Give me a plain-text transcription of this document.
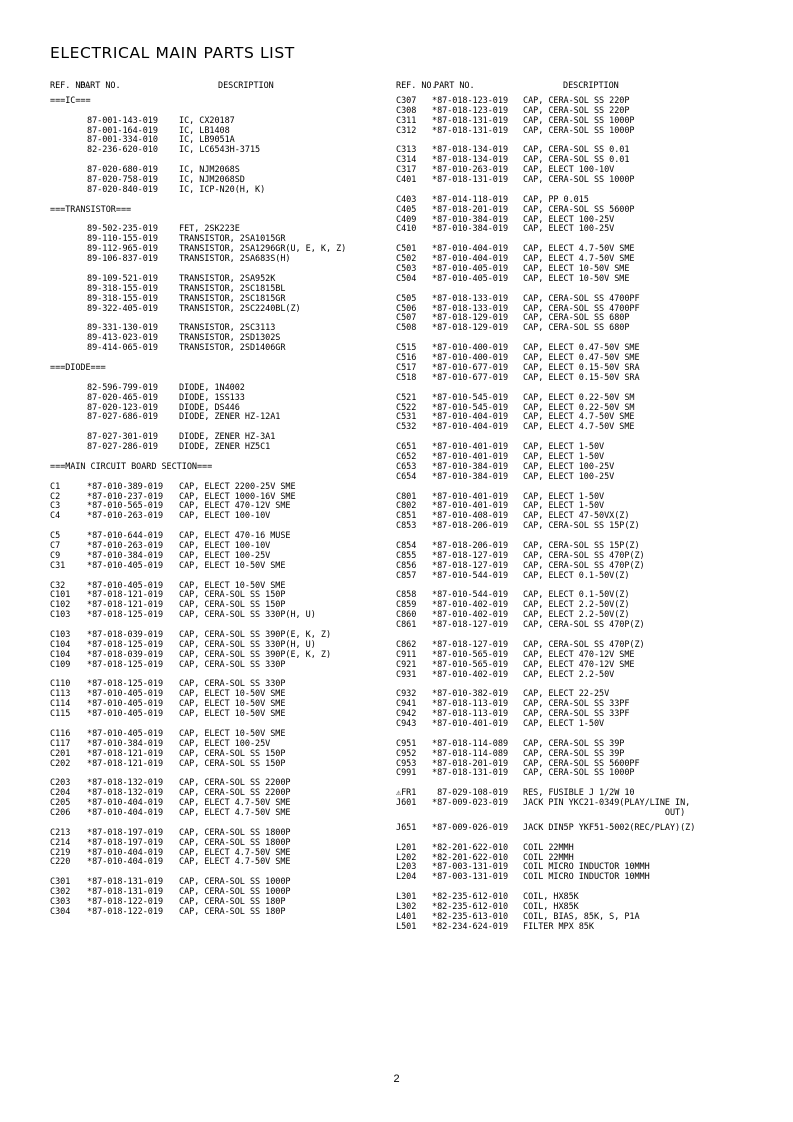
ELECTRICAL MAIN PARTS LIST
REF. NO.
PART NO.	DESCRIPTION
===IC===
87-001-143-019 IC, CX20187
87-001-164-019 IC, LB1408
87-001-334-010 IC, LB9051A
82-236-620-010 IC, LC6543H-3715
87-020-680-019 IC, NJM2068S
87-020-758-019 IC, NJM2068SD
87-020-840-019 IC, ICP-N20(H, K)
===TRANSISTOR===
89-502-235-019 FET, 2SK223E
89-110-155-019 TRANSISTOR, 2SA1015GR
89-112-965-019 TRANSISTOR, 2SA1296GR(U, E, K, Z)
89-106-837-019 TRANSISTOR, 2SA683S(H)
89-109-521-019 TRANSISTOR, 2SA952K
89-318-155-019 TRANSISTOR, 2SC1815BL
89-318-155-019 TRANSISTOR, 2SC1815GR
89-322-405-019 TRANSISTOR, 2SC2240BL(Z)
89-331-130-019 TRANSISTOR, 2SC3113
89-413-023-019 TRANSISTOR, 2SD1302S
89-414-065-019 TRANSISTOR, 2SD1406GR
===DIODE===
82-596-799-019 DIODE, 1N4002
87-020-465-019 DIODE, 1SS133
87-020-123-019 DIODE, DS446
87-027-686-019 DIODE, ZENER HZ-12A1
87-027-301-019 DIODE, ZENER HZ-3A1
87-027-286-019 DIODE, ZENER HZ5C1
===MAIN CIRCUIT BOARD SECTION===
C1	*87-010-389-019 CAP, ELECT 2200-25V SME
C2	*87-010-237-019 CAP, ELECT 1000-16V SME
C3	*87-010-565-019 CAP, ELECT 470-12V SME
C4	*87-010-263-019 CAP, ELECT 100-10V
C5	*87-010-644-019 CAP, ELECT 470-16 MUSE
C7	*87-010-263-019 CAP, ELECT 100-10V
C9	*87-010-384-019 CAP, ELECT 100-25V
C31	*87-010-405-019 CAP, ELECT 10-50V SME
C32	*87-010-405-019 CAP, ELECT 10-50V SME
C101 *87-018-121-019 CAP, CERA-SOL SS 150P
C102 *87-018-121-019 CAP, CERA-SOL SS 150P
C103 *87-018-125-019 CAP, CERA-SOL SS 330P(H, U)
C103 *87-018-039-019 CAP, CERA-SOL SS 390P(E, K, Z)
C104 *87-018-125-019 CAP, CERA-SOL SS 330P(H, U)
C104 *87-018-039-019 CAP, CERA-SOL SS 390P(E, K, Z)
C109 *87-018-125-019 CAP, CERA-SOL SS 330P
C110 *87-018-125-019 CAP, CERA-SOL SS 330P
C113 *87-010-405-019 CAP, ELECT 10-50V SME
C114 *87-010-405-019 CAP, ELECT 10-50V SME
C115 *87-010-405-019 CAP, ELECT 10-50V SME
C116 *87-010-405-019 CAP, ELECT 10-50V SME
C117 *87-010-384-019 CAP, ELECT 100-25V
C201 *87-018-121-019 CAP, CERA-SOL SS 150P
C202 *87-018-121-019 CAP, CERA-SOL SS 150P
C203 *87-018-132-019 CAP, CERA-SOL SS 2200P
C204 *87-018-132-019 CAP, CERA-SOL SS 2200P
C205 *87-010-404-019 CAP, ELECT 4.7-50V SME
C206 *87-010-404-019 CAP, ELECT 4.7-50V SME
C213 *87-018-197-019 CAP, CERA-SOL SS 1800P
C214 *87-018-197-019 CAP, CERA-SOL SS 1800P
C219 *87-010-404-019 CAP, ELECT 4.7-50V SME
C220 *87-010-404-019 CAP, ELECT 4.7-50V SME
C301 *87-018-131-019 CAP, CERA-SOL SS 1000P
C302 *87-018-131-019 CAP, CERA-SOL SS 1000P
C303 *87-018-122-019 CAP, CERA-SOL SS 180P
C304 *87-018-122-019 CAP, CERA-SOL SS 180P
REF. NO.
PART NO.	DESCRIPTION
C307 *87-018-123-019 CAP, CERA-SOL SS 220P
C308 *87-018-123-019 CAP, CERA-SOL SS 220P
C311 *87-018-131-019 CAP, CERA-SOL SS 1000P
C312 *87-018-131-019 CAP, CERA-SOL SS 1000P
C313 *87-018-134-019 CAP, CERA-SOL SS 0.01
C314 *87-018-134-019 CAP, CERA-SOL SS 0.01
C317 *87-010-263-019 CAP, ELECT 100-10V
C401 *87-018-131-019 CAP, CERA-SOL SS 1000P
C403 *87-014-118-019 CAP, PP 0.015
C405 *87-018-201-019 CAP, CERA-SOL SS 5600P
C409 *87-010-384-019 CAP, ELECT 100-25V
C410 *87-010-384-019 CAP, ELECT 100-25V
C501 *87-010-404-019 CAP, ELECT 4.7-50V SME
C502 *87-010-404-019 CAP, ELECT 4.7-50V SME
C503 *87-010-405-019 CAP, ELECT 10-50V SME
C504 *87-010-405-019 CAP, ELECT 10-50V SME
C505 *87-018-133-019 CAP, CERA-SOL SS 4700PF
C506 *87-018-133-019 CAP, CERA-SOL SS 4700PF
C507 *87-018-129-019 CAP, CERA-SOL SS 680P
C508 *87-018-129-019 CAP, CERA-SOL SS 680P
C515 *87-010-400-019 CAP, ELECT 0.47-50V SME
C516 *87-010-400-019 CAP, ELECT 0.47-50V SME
C517 *87-010-677-019 CAP, ELECT 0.15-50V SRA
C518 *87-010-677-019 CAP, ELECT 0.15-50V SRA
C521 *87-010-545-019 CAP, ELECT 0.22-50V SM
C522 *87-010-545-019 CAP, ELECT 0.22-50V SM
C531 *87-010-404-019 CAP, ELECT 4.7-50V SME
C532 *87-010-404-019 CAP, ELECT 4.7-50V SME
C651 *87-010-401-019 CAP, ELECT 1-50V
C652 *87-010-401-019 CAP, ELECT 1-50V
C653 *87-010-384-019 CAP, ELECT 100-25V
C654 *87-010-384-019 CAP, ELECT 100-25V
C801 *87-010-401-019 CAP, ELECT 1-50V
C802 *87-010-401-019 CAP, ELECT 1-50V
C851 *87-010-408-019 CAP, ELECT 47-50VX(Z)
C853 *87-018-206-019 CAP, CERA-SOL SS 15P(Z)
C854 *87-018-206-019 CAP, CERA-SOL SS 15P(Z)
C855 *87-018-127-019 CAP, CERA-SOL SS 470P(Z)
C856 *87-018-127-019 CAP, CERA-SOL SS 470P(Z)
C857 *87-010-544-019 CAP, ELECT 0.1-50V(Z)
C858 *87-010-544-019 CAP, ELECT 0.1-50V(Z)
C859 *87-010-402-019 CAP, ELECT 2.2-50V(Z)
C860 *87-010-402-019 CAP, ELECT 2.2-50V(Z)
C861 *87-018-127-019 CAP, CERA-SOL SS 470P(Z)
C862 *87-018-127-019 CAP, CERA-SOL SS 470P(Z)
C911 *87-010-565-019 CAP, ELECT 470-12V SME
C921 *87-010-565-019 CAP, ELECT 470-12V SME
C931 *87-010-402-019 CAP, ELECT 2.2-50V
C932 *87-010-382-019 CAP, ELECT 22-25V
C941 *87-018-113-019 CAP, CERA-SOL SS 33PF
C942 *87-018-113-019 CAP, CERA-SOL SS 33PF
C943 *87-010-401-019 CAP, ELECT 1-50V
C951 *87-018-114-089 CAP, CERA-SOL SS 39P
C952 *87-018-114-089 CAP, CERA-SOL SS 39P
C953 *87-018-201-019 CAP, CERA-SOL SS 5600PF
C991 *87-018-131-019 CAP, CERA-SOL SS 1000P
⚠FR1 87-029-108-019 RES, FUSIBLE J 1/2W 10
J601 *87-009-023-019 JACK PIN YKC21-0349(PLAY/LINE IN,
OUT)
J651 *87-009-026-019 JACK DIN5P YKF51-5002(REC/PLAY)(Z)
L201 *82-201-622-010 COIL 22MMH
L202 *82-201-622-010 COIL 22MMH
L203 *87-003-131-019 COIL MICRO INDUCTOR 10MMH
L204 *87-003-131-019 COIL MICRO INDUCTOR 10MMH
L301 *82-235-612-010 COIL, HX85K
L302 *82-235-612-010 COIL, HX85K
L401 *82-235-613-010 COIL, BIAS, 85K, S, P1A
L501 *82-234-624-019 FILTER MPX 85K
2
